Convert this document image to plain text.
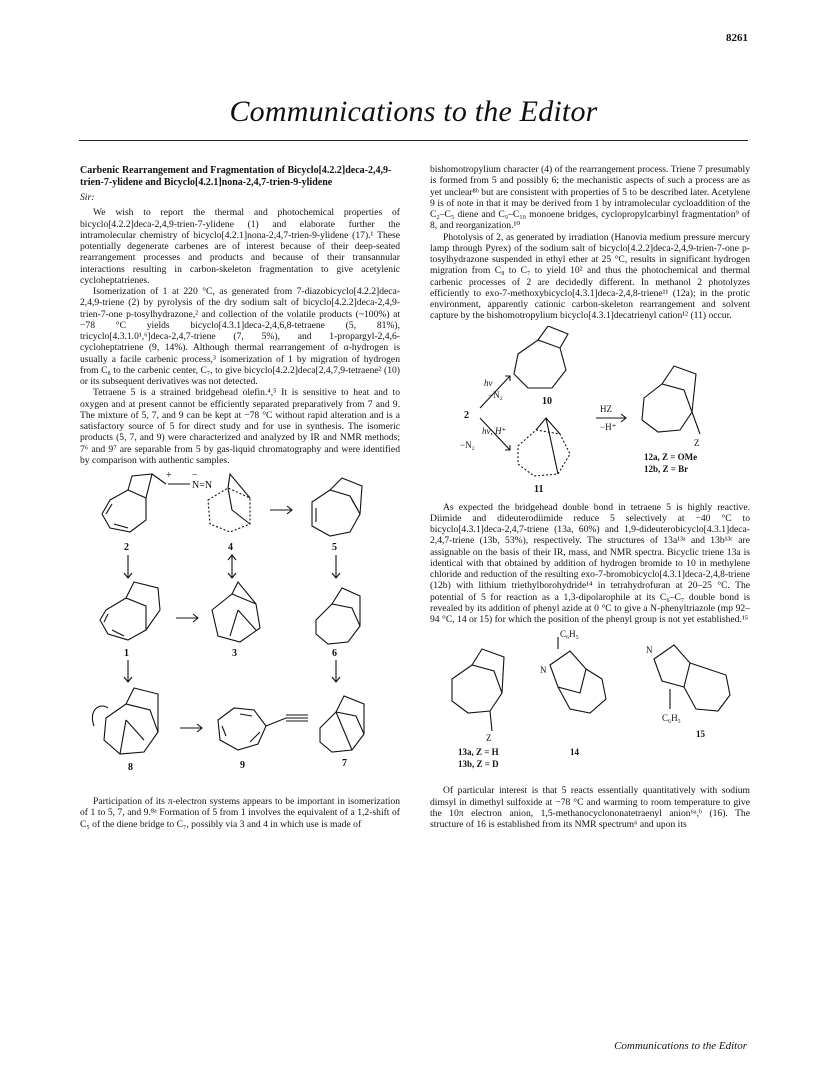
8261
Communications to the Editor
Carbenic Rearrangement and Fragmentation of Bicyclo[4.2.2]deca-2,4,9-trien-7-ylidene and Bicyclo[4.2.1]nona-2,4,7-trien-9-ylidene
Sir:

We wish to report the thermal and photochemical properties of bicyclo[4.2.2]deca-2,4,9-trien-7-ylidene (1) and elaborate further the intramolecular chemistry of bicyclo[4.2.1]nona-2,4,7-trien-9-ylidene (17).¹ These potentially degenerate carbenes are of interest because of their deep-seated rearrangement processes and products and because of their transannular interactions resulting in carbon-skeleton fragmentation to give acetylenic cycloheptatrienes.

Isomerization of 1 at 220 °C, as generated from 7-diazobicyclo[4.2.2]deca-2,4,9-triene (2) by pyrolysis of the dry sodium salt of bicyclo[4.2.2]deca-2,4,9-trien-7-one p-tosylhydrazone,² and collection of the volatile products (~100%) at −78 °C yields bicyclo[4.3.1]deca-2,4,6,8-tetraene (5, 81%), tricyclo[4.3.1.0¹,⁶]deca-2,4,7-triene (7, 5%), and 1-propargyl-2,4,6-cycloheptatriene (9, 14%). Although thermal rearrangement of α-hydrogen is usually a facile carbenic process,³ isomerization of 1 by migration of hydrogen from C₈ to the carbenic center, C₇, to give bicyclo[4.2.2]deca[2,4,7,9-tetraene² (10) or its subsequent derivatives was not detected.

Tetraene 5 is a strained bridgehead olefin.⁴,⁵ It is sensitive to heat and to oxygen and at present cannot be efficiently separated preparatively from 7 and 9. The mixture of 5, 7, and 9 can be kept at −78 °C without rapid alteration and is a satisfactory source of 5 for direct study and for use in synthesis. The isomeric products (5, 7, and 9) were characterized and analyzed by IR and NMR methods; 7⁶ and 9⁷ are separable from 5 by gas-liquid chromatography and were identified by comparison with authentic samples.

N=N
+ −
2	4	5
1	3	6
8	9	7

Participation of its π-electron systems appears to be important in isomerization of 1 to 5, 7, and 9.⁸ᵃ Formation of 5 from 1 involves the equivalent of a 1,2-shift of C₅ of the diene bridge to C₇, possibly via 3 and 4 in which use is made of

bishomotropylium character (4) of the rearrangement process. Triene 7 presumably is formed from 5 and possibly 6; the mechanistic aspects of such a process are as yet unclear⁸ᵇ but are consistent with properties of 5 to be described later. Acetylene 9 is of note in that it may be derived from 1 by intramolecular cycloaddition of the C₂–C₅ diene and C₉–C₁₀ monoene bridges, cyclopropylcarbinyl fragmentation⁹ of 8, and reorganization.¹⁰

Photolysis of 2, as generated by irradiation (Hanovia medium pressure mercury lamp through Pyrex) of the sodium salt of bicyclo[4.2.2]deca-2,4,9-trien-7-one p-tosylhydrazone suspended in ethyl ether at 25 °C, results in significant hydrogen migration from C₈ to C₇ to yield 10² and thus the photochemical and thermal carbenic processes of 2 are decidedly different. In methanol 2 photolyzes efficiently to exo-7-methoxybicyclo[4.3.1]deca-2,4,8-triene¹¹ (12a); in the protic environment, apparently cationic carbon-skeleton rearrangement and solvent capture by the bishomotropylium bicyclo[4.3.1]decatrienyl cation¹² (11) occur.

hν
−N₂
hν, H⁺
−N₂
2
10
11
HZ
−H⁺
Z
12a, Z = OMe
12b, Z = Br

As expected the bridgehead double bond in tetraene 5 is highly reactive. Diimide and dideuterodiimide reduce 5 selectively at −40 °C to bicyclo[4.3.1]deca-2,4,7-triene (13a, 60%) and 1,9-dideuterobicyclo[4.3.1]deca-2,4,7-triene (13b, 53%), respectively. The structures of 13a¹³ᵃ and 13b¹³ᶜ are assignable on the basis of their IR, mass, and NMR spectra. Bicyclic triene 13a is identical with that obtained by addition of hydrogen bromide to 10 in methylene chloride and reduction of the resulting exo-7-bromobicyclo[4.3.1]deca-2,4,8-triene (12b) with lithium triethylborohydride¹⁴ in tetrahydrofuran at 20–25 °C. The potential of 5 for reaction as a 1,3-dipolarophile at its C₆–C₇ double bond is revealed by its addition of phenyl azide at 0 °C to give a N-phenyltriazole (mp 92–94 °C, 14 or 15) for which the position of the phenyl group is not yet established.¹⁵

C₆H₅
C₆H₅
N
N
Z
13a, Z = H
13b, Z = D
14
15

Of particular interest is that 5 reacts essentially quantitatively with sodium dimsyl in dimethyl sulfoxide at −78 °C and warming to room temperature to give the 10π electron anion, 1,5-methanocyclononatetraenyl anion⁶ᵃ,ᵇ (16). The structure of 16 is established from its NMR spectrum⁶ and upon its

Communications to the Editor
